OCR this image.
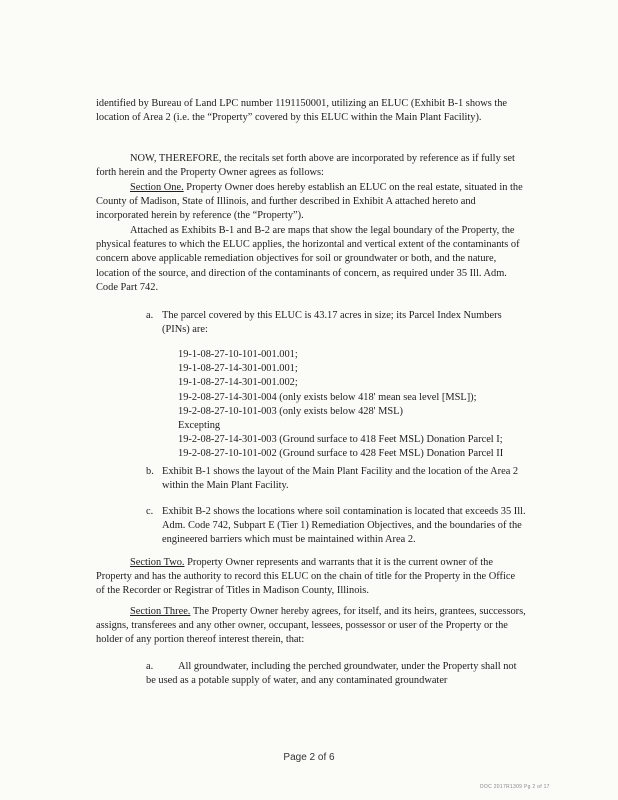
identified by Bureau of Land LPC number 1191150001, utilizing an ELUC (Exhibit B-1 shows the location of Area 2 (i.e. the “Property” covered by this ELUC within the Main Plant Facility).

NOW, THEREFORE, the recitals set forth above are incorporated by reference as if fully set forth herein and the Property Owner agrees as follows:

Section One. Property Owner does hereby establish an ELUC on the real estate, situated in the County of Madison, State of Illinois, and further described in Exhibit A attached hereto and incorporated herein by reference (the “Property”).

Attached as Exhibits B-1 and B-2 are maps that show the legal boundary of the Property, the physical features to which the ELUC applies, the horizontal and vertical extent of the contaminants of concern above applicable remediation objectives for soil or groundwater or both, and the nature, location of the source, and direction of the contaminants of concern, as required under 35 Ill. Adm. Code Part 742.

a. The parcel covered by this ELUC is 43.17 acres in size; its Parcel Index Numbers (PINs) are:

19-1-08-27-10-101-001.001;
19-1-08-27-14-301-001.001;
19-1-08-27-14-301-001.002;
19-2-08-27-14-301-004 (only exists below 418' mean sea level [MSL]);
19-2-08-27-10-101-003 (only exists below 428' MSL)
Excepting
19-2-08-27-14-301-003 (Ground surface to 418 Feet MSL) Donation Parcel I;
19-2-08-27-10-101-002 (Ground surface to 428 Feet MSL) Donation Parcel II
b. Exhibit B-1 shows the layout of the Main Plant Facility and the location of the Area 2 within the Main Plant Facility.

c. Exhibit B-2 shows the locations where soil contamination is located that exceeds 35 Ill. Adm. Code 742, Subpart E (Tier 1) Remediation Objectives, and the boundaries of the engineered barriers which must be maintained within Area 2.

Section Two. Property Owner represents and warrants that it is the current owner of the Property and has the authority to record this ELUC on the chain of title for the Property in the Office of the Recorder or Registrar of Titles in Madison County, Illinois.

Section Three. The Property Owner hereby agrees, for itself, and its heirs, grantees, successors, assigns, transferees and any other owner, occupant, lessees, possessor or user of the Property or the holder of any portion thereof interest therein, that:

a.	All groundwater, including the perched groundwater, under the Property shall not be used as a potable supply of water, and any contaminated groundwater

Page 2 of 6
DOC 2017R1309 Pg 2 of 17
